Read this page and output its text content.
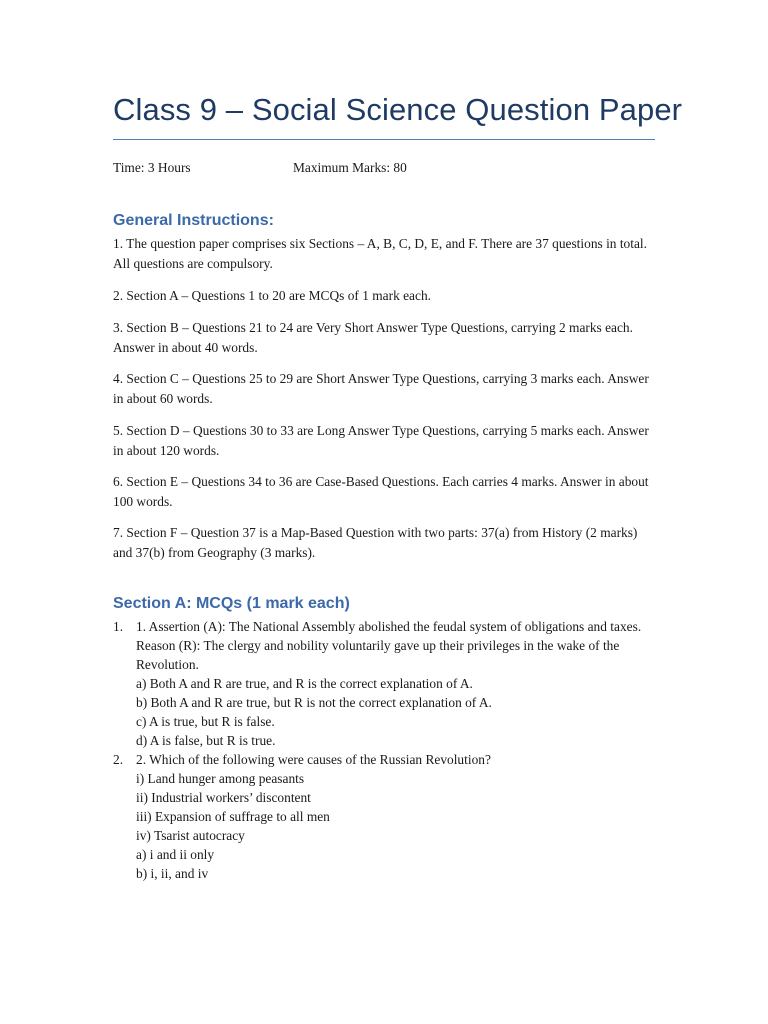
Class 9 – Social Science Question Paper
Time: 3 Hours	Maximum Marks: 80
General Instructions:
1. The question paper comprises six Sections – A, B, C, D, E, and F. There are 37 questions in total. All questions are compulsory.
2. Section A – Questions 1 to 20 are MCQs of 1 mark each.
3. Section B – Questions 21 to 24 are Very Short Answer Type Questions, carrying 2 marks each. Answer in about 40 words.
4. Section C – Questions 25 to 29 are Short Answer Type Questions, carrying 3 marks each. Answer in about 60 words.
5. Section D – Questions 30 to 33 are Long Answer Type Questions, carrying 5 marks each. Answer in about 120 words.
6. Section E – Questions 34 to 36 are Case-Based Questions. Each carries 4 marks. Answer in about 100 words.
7. Section F – Question 37 is a Map-Based Question with two parts: 37(a) from History (2 marks) and 37(b) from Geography (3 marks).
Section A: MCQs (1 mark each)
1. 1. Assertion (A): The National Assembly abolished the feudal system of obligations and taxes.
Reason (R): The clergy and nobility voluntarily gave up their privileges in the wake of the Revolution.
a) Both A and R are true, and R is the correct explanation of A.
b) Both A and R are true, but R is not the correct explanation of A.
c) A is true, but R is false.
d) A is false, but R is true.
2. 2. Which of the following were causes of the Russian Revolution?
i) Land hunger among peasants
ii) Industrial workers’ discontent
iii) Expansion of suffrage to all men
iv) Tsarist autocracy
a) i and ii only
b) i, ii, and iv
